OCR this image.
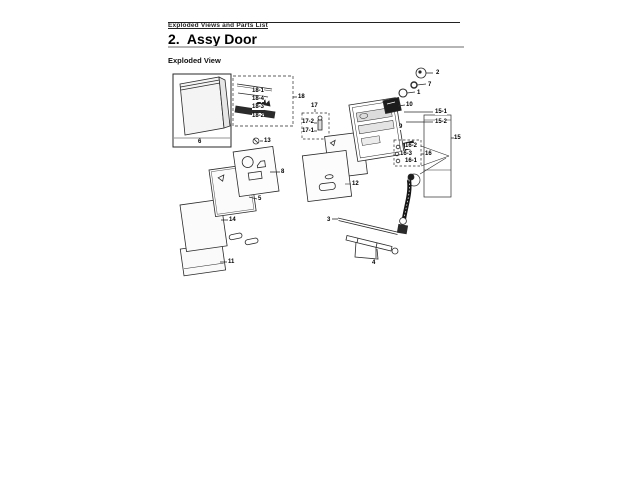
Exploded Views and Parts List
2.  Assy Door
Exploded View
2
7
1
10
18
18-1
18-4
18-3
18-2
17
17-2
17-1
13
6
15-1
15-2
15
9
16-2
16-3
16-1
16
8
5
14
11
12
3
4
